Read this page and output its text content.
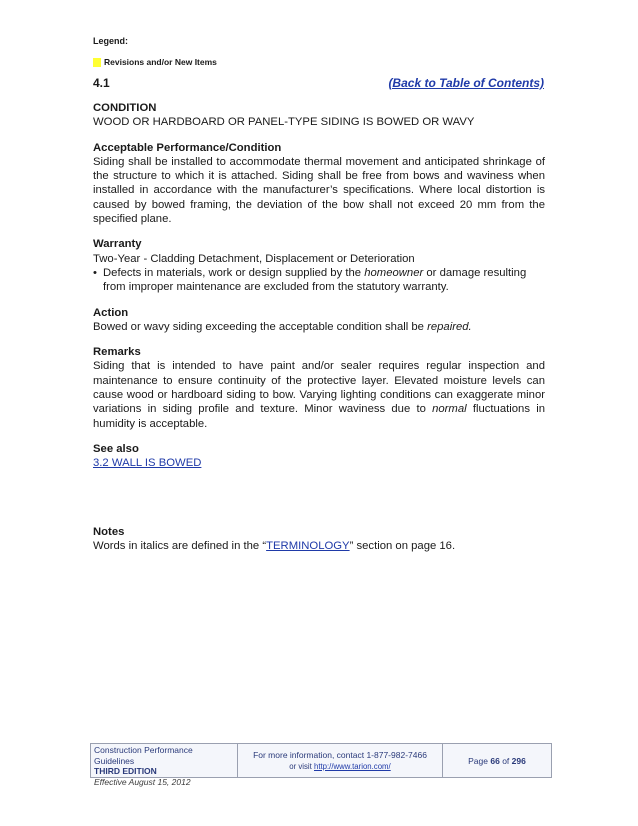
Legend:
Revisions and/or New Items
4.1	(Back to Table of Contents)

CONDITION

WOOD OR HARDBOARD OR PANEL-TYPE SIDING IS BOWED OR WAVY

Acceptable Performance/Condition

Siding shall be installed to accommodate thermal movement and anticipated shrinkage of the structure to which it is attached. Siding shall be free from bows and waviness when installed in accordance with the manufacturer’s specifications. Where local distortion is caused by bowed framing, the deviation of the bow shall not exceed 20 mm from the specified plane.

Warranty

Two-Year - Cladding Detachment, Displacement or Deterioration

• Defects in materials, work or design supplied by the homeowner or damage resulting from improper maintenance are excluded from the statutory warranty.

Action

Bowed or wavy siding exceeding the acceptable condition shall be repaired.

Remarks

Siding that is intended to have paint and/or sealer requires regular inspection and maintenance to ensure continuity of the protective layer. Elevated moisture levels can cause wood or hardboard siding to bow. Varying lighting conditions can exaggerate minor variations in siding profile and texture. Minor waviness due to normal fluctuations in humidity is acceptable.

See also

3.2 WALL IS BOWED

Notes

Words in italics are defined in the “TERMINOLOGY” section on page 16.

Construction Performance Guidelines
THIRD EDITION
Effective August 15, 2012
For more information, contact 1-877-982-7466
or visit http://www.tarion.com/
Page 66 of 296
